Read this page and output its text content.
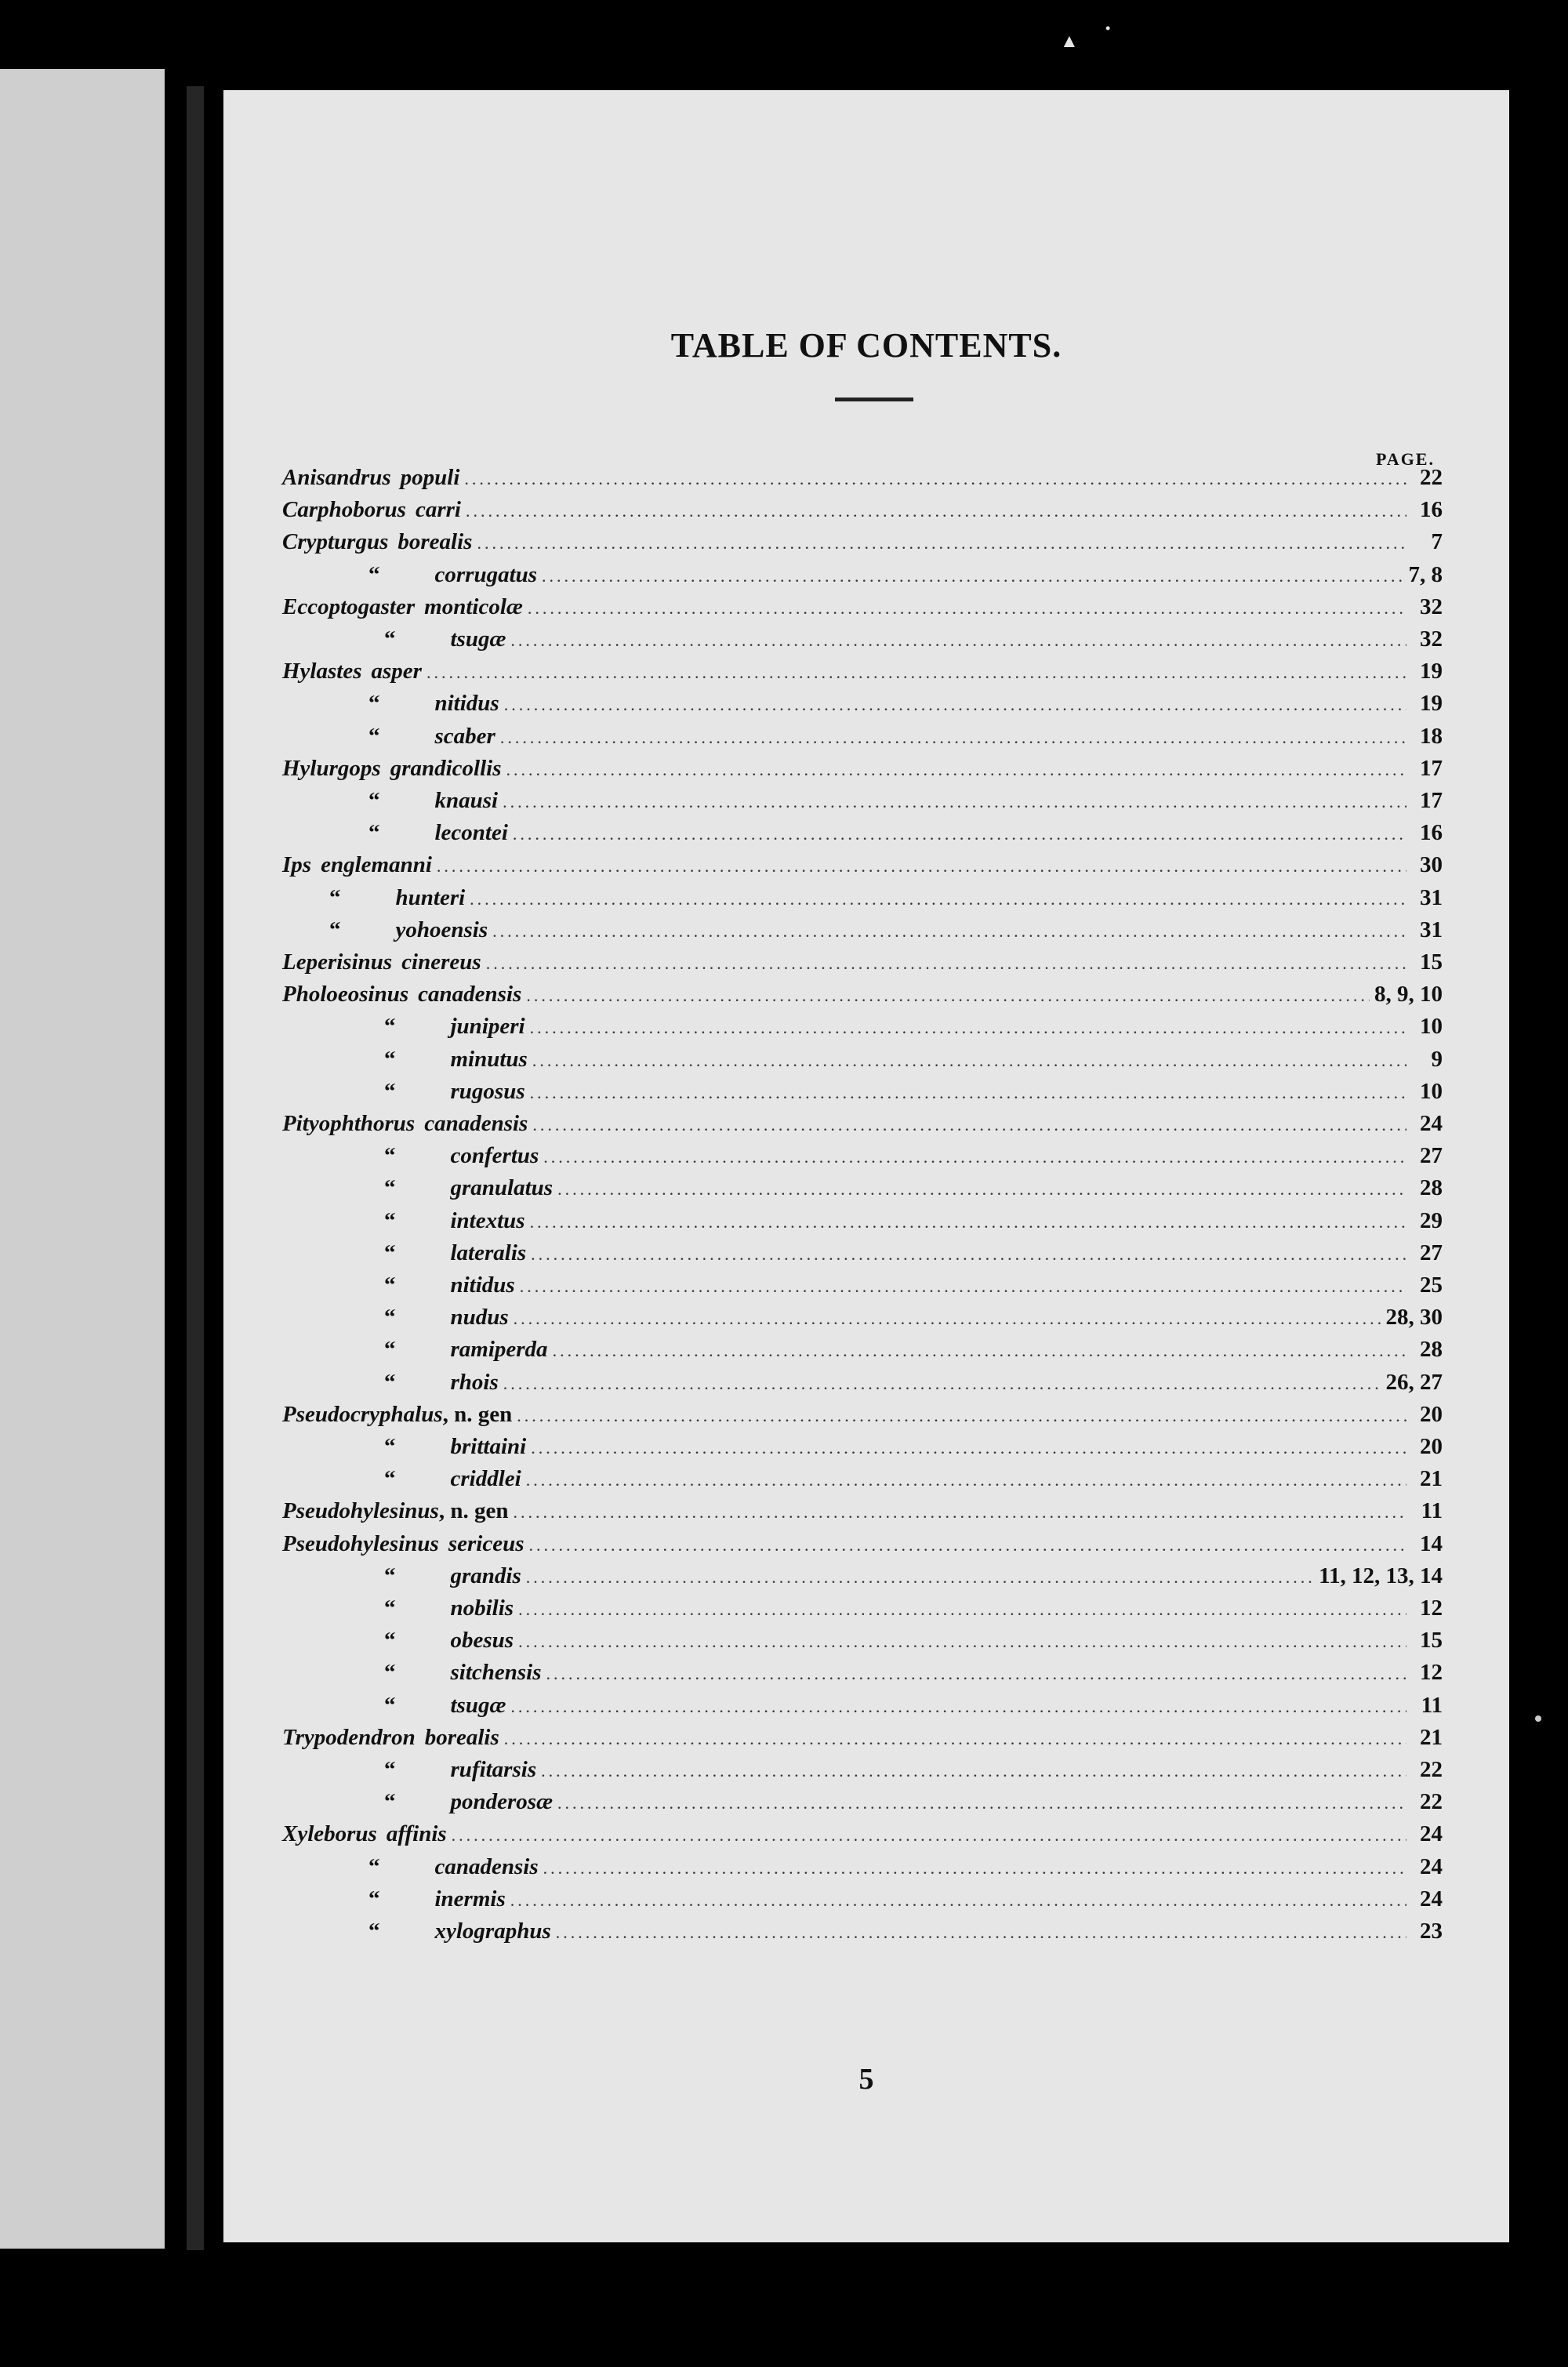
▲
•
TABLE OF CONTENTS.
PAGE.
Anisandrus populi .....	22
Carphoborus carri .....	16
Crypturgus borealis .....	7
“ corrugatus .....	7, 8
Eccoptogaster monticolæ .....	32
“ tsugæ .....	32
Hylastes asper .....	19
“ nitidus .....	19
“ scaber .....	18
Hylurgops grandicollis .....	17
“ knausi .....	17
“ lecontei .....	16
Ips englemanni .....	30
“ hunteri .....	31
“ yohoensis .....	31
Leperisinus cinereus .....	15
Pholoeosinus canadensis .....	8, 9, 10
“ juniperi .....	10
“ minutus .....	9
“ rugosus .....	10
Pityophthorus canadensis .....	24
“ confertus .....	27
“ granulatus .....	28
“ intextus .....	29
“ lateralis .....	27
“ nitidus .....	25
“ nudus .....	28, 30
“ ramiperda .....	28
“ rhois .....	26, 27
Pseudocryphalus , n. gen .....	20
“ brittaini .....	20
“ criddlei .....	21
Pseudohylesinus , n. gen .....	11
Pseudohylesinus sericeus .....	14
“ grandis .....	11, 12, 13, 14
“ nobilis .....	12
“ obesus .....	15
“ sitchensis .....	12
“ tsugæ .....	11
Trypodendron borealis .....	21
“ rufitarsis .....	22
“ ponderosæ .....	22
Xyleborus affinis .....	24
“ canadensis .....	24
“ inermis .....	24
“ xylographus .....	23
5
